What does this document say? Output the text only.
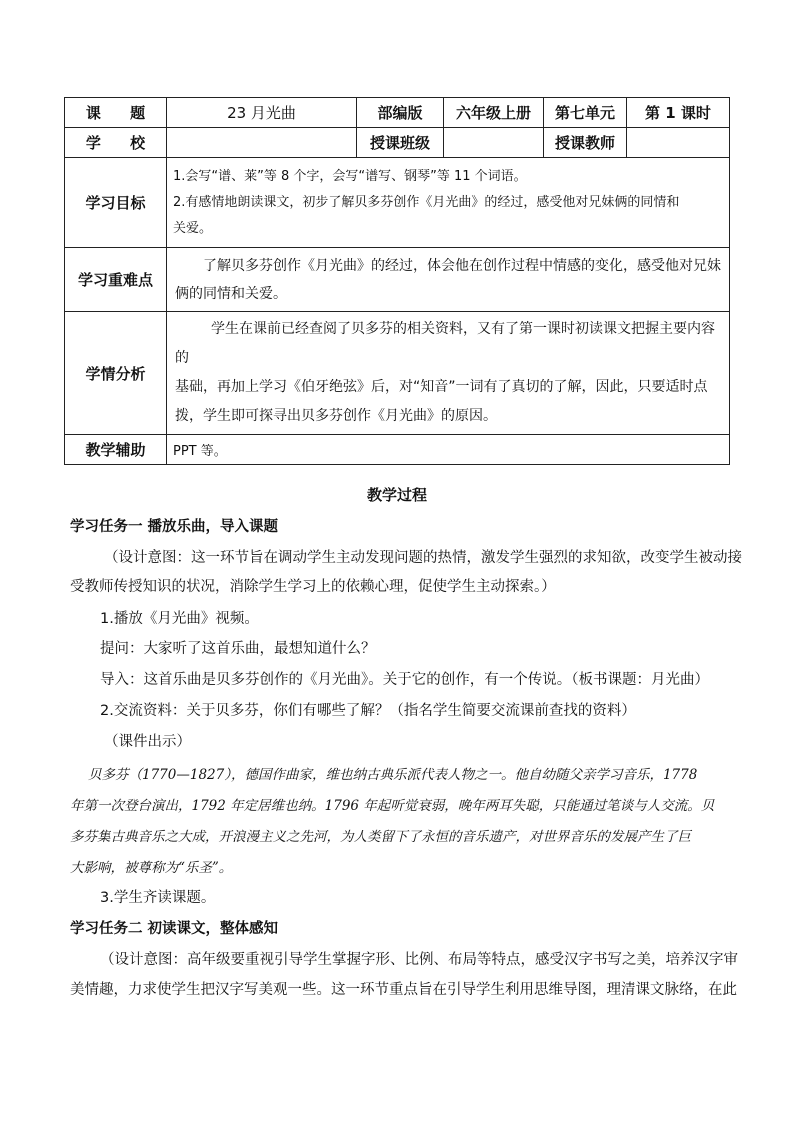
课 题	23 月光曲	部编版	六年级上册	第七单元	第 1 课时
学 校		授课班级		授课教师	
学习目标	1.会写“谱、莱”等 8 个字，会写“谱写、钢琴”等 11 个词语。
2.有感情地朗读课文，初步了解贝多芬创作《月光曲》的经过，感受他对兄妹俩的同情和
关爱。				

学习重难点	了解贝多芬创作《月光曲》的经过，体会他在创作过程中情感的变化，感受他对兄妹
俩的同情和关爱。				

学情分析	学生在课前已经查阅了贝多芬的相关资料，又有了第一课时初读课文把握主要内容的
基础，再加上学习《伯牙绝弦》后，对“知音”一词有了真切的了解，因此，只要适时点
拨，学生即可探寻出贝多芬创作《月光曲》的原因。				

教学辅助	PPT 等。				
教学过程
学习任务一 播放乐曲，导入课题
（设计意图：这一环节旨在调动学生主动发现问题的热情，激发学生强烈的求知欲，改变学生被动接
受教师传授知识的状况，消除学生学习上的依赖心理，促使学生主动探索。）
1.播放《月光曲》视频。
提问：大家听了这首乐曲，最想知道什么？
导入：这首乐曲是贝多芬创作的《月光曲》。关于它的创作，有一个传说。（板书课题：月光曲）
2.交流资料：关于贝多芬，你们有哪些了解？（指名学生简要交流课前查找的资料）
（课件出示）
贝多芬（1770—1827），德国作曲家，维也纳古典乐派代表人物之一。他自幼随父亲学习音乐，1778
年第一次登台演出，1792 年定居维也纳。1796 年起听觉衰弱，晚年两耳失聪，只能通过笔谈与人交流。贝
多芬集古典音乐之大成，开浪漫主义之先河，为人类留下了永恒的音乐遗产，对世界音乐的发展产生了巨
大影响，被尊称为“乐圣”。
3.学生齐读课题。
学习任务二 初读课文，整体感知
（设计意图：高年级要重视引导学生掌握字形、比例、布局等特点，感受汉字书写之美，培养汉字审
美情趣，力求使学生把汉字写美观一些。这一环节重点旨在引导学生利用思维导图，理清课文脉络，在此
